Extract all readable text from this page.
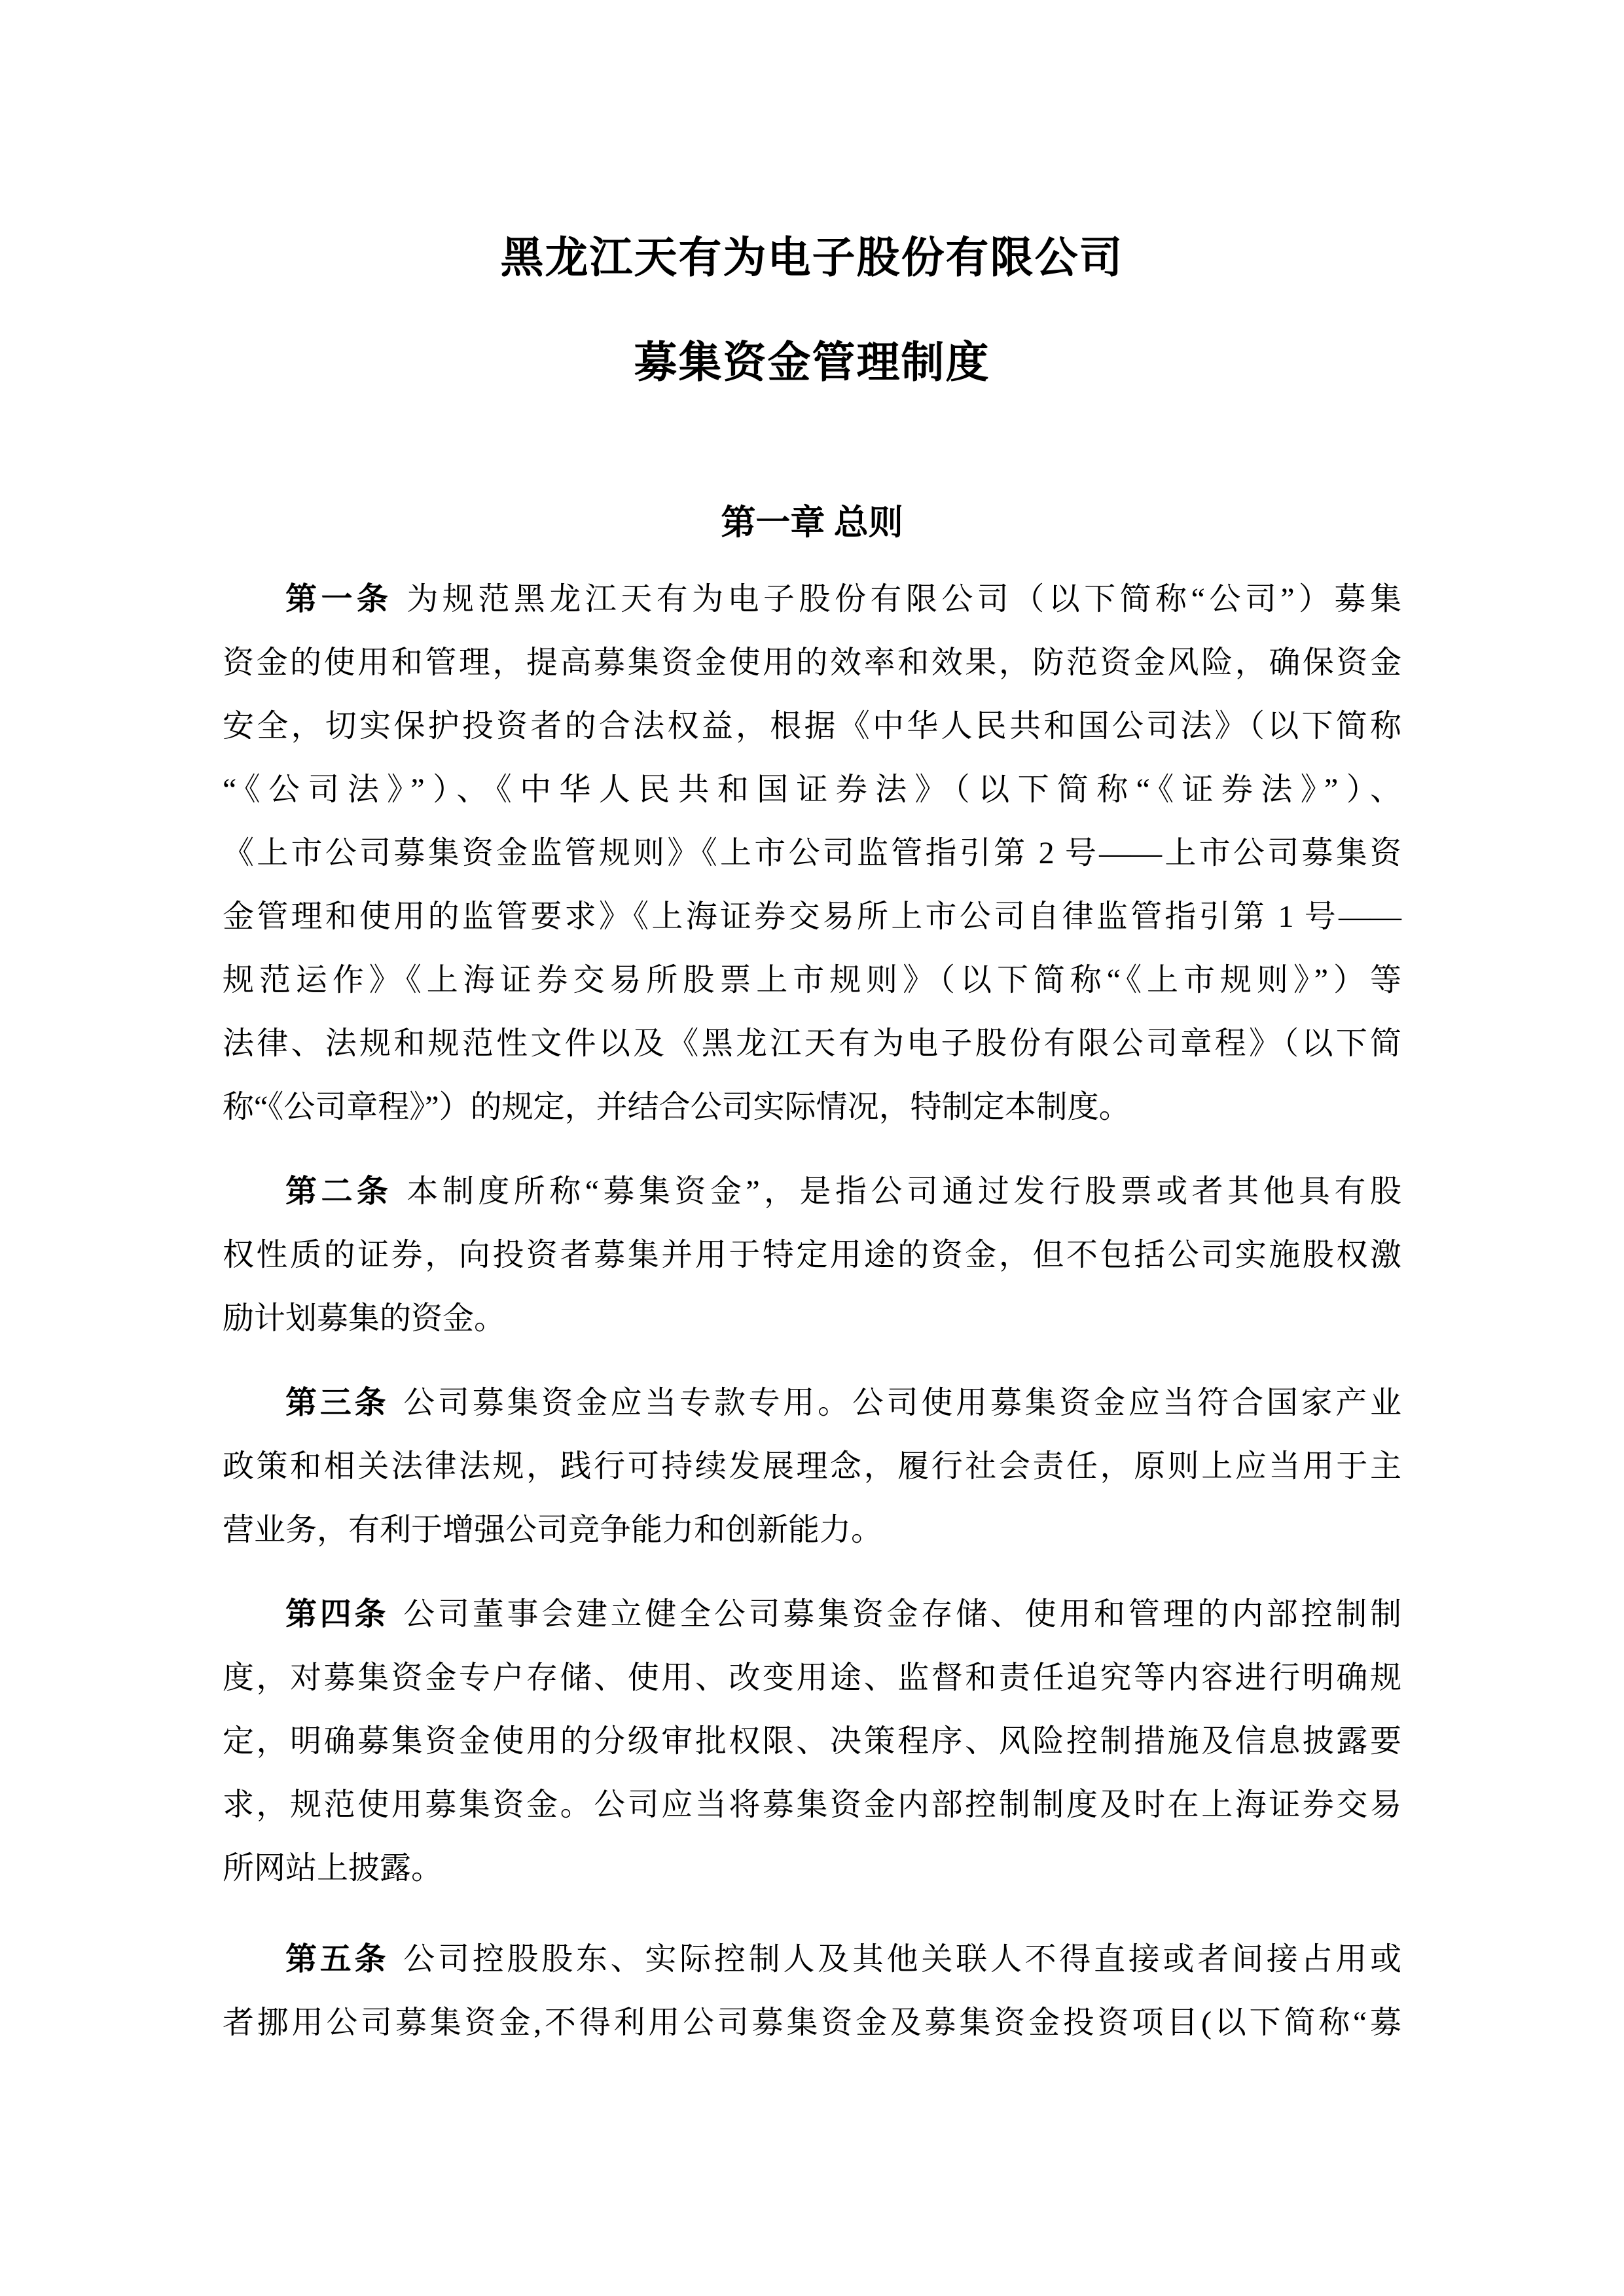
黑龙江天有为电子股份有限公司
募集资金管理制度
第一章 总则
第一条 为规范黑龙江天有为电子股份有限公司（以下简称“公司”）募集
资金的使用和管理，提高募集资金使用的效率和效果，防范资金风险，确保资金
安全，切实保护投资者的合法权益，根据《中华人民共和国公司法》（以下简称
“《公司法》”）、《中华人民共和国证券法》（以下简称“《证券法》”）、
《上市公司募集资金监管规则》《上市公司监管指引第 2 号——上市公司募集资
金管理和使用的监管要求》《上海证券交易所上市公司自律监管指引第 1 号——
规范运作》《上海证券交易所股票上市规则》（以下简称“《上市规则》”）等
法律、法规和规范性文件以及《黑龙江天有为电子股份有限公司章程》（以下简
称“《公司章程》”）的规定，并结合公司实际情况，特制定本制度。
第二条 本制度所称“募集资金”，是指公司通过发行股票或者其他具有股
权性质的证券，向投资者募集并用于特定用途的资金，但不包括公司实施股权激
励计划募集的资金。
第三条 公司募集资金应当专款专用。公司使用募集资金应当符合国家产业
政策和相关法律法规，践行可持续发展理念，履行社会责任，原则上应当用于主
营业务，有利于增强公司竞争能力和创新能力。
第四条 公司董事会建立健全公司募集资金存储、使用和管理的内部控制制
度，对募集资金专户存储、使用、改变用途、监督和责任追究等内容进行明确规
定，明确募集资金使用的分级审批权限、决策程序、风险控制措施及信息披露要
求，规范使用募集资金。公司应当将募集资金内部控制制度及时在上海证券交易
所网站上披露。
第五条 公司控股股东、实际控制人及其他关联人不得直接或者间接占用或
者挪用公司募集资金,不得利用公司募集资金及募集资金投资项目(以下简称“募
